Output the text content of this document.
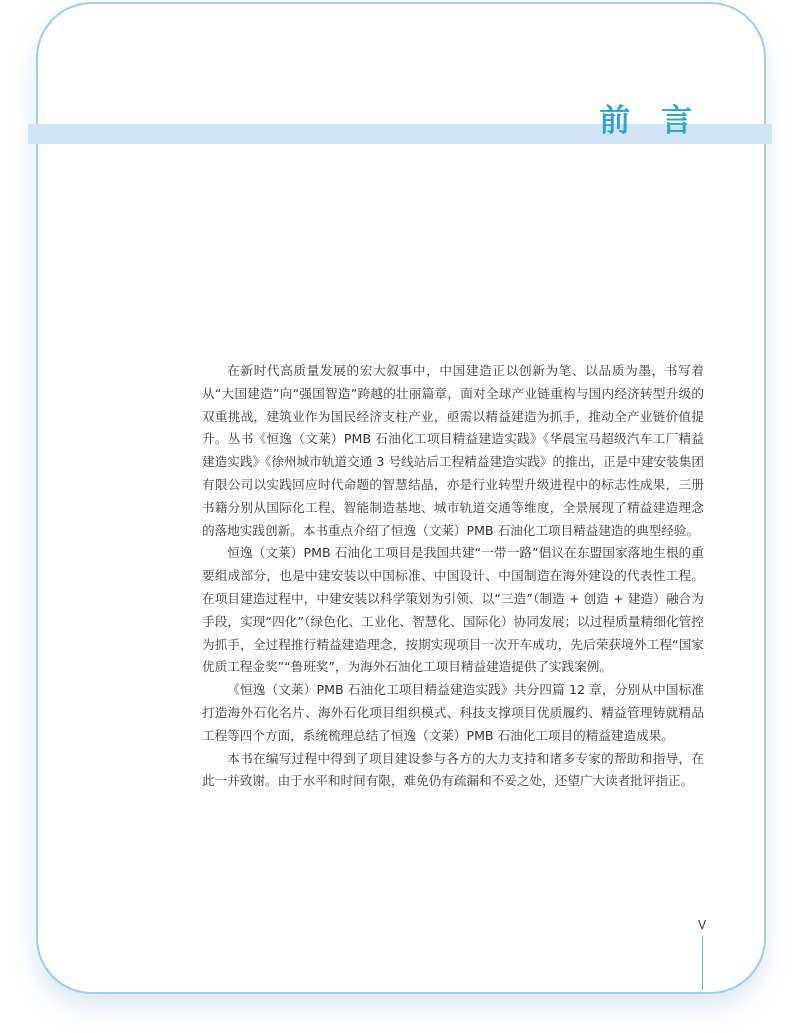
前 言

在新时代高质量发展的宏大叙事中，中国建造正以创新为笔、以品质为墨，书写着从“大国建造”向“强国智造”跨越的壮丽篇章，面对全球产业链重构与国内经济转型升级的双重挑战，建筑业作为国民经济支柱产业，亟需以精益建造为抓手，推动全产业链价值提升。丛书《恒逸（文莱）PMB 石油化工项目精益建造实践》《华晨宝马超级汽车工厂精益建造实践》《徐州城市轨道交通 3 号线站后工程精益建造实践》的推出，正是中建安装集团有限公司以实践回应时代命题的智慧结晶，亦是行业转型升级进程中的标志性成果，三册书籍分别从国际化工程、智能制造基地、城市轨道交通等维度，全景展现了精益建造理念的落地实践创新。本书重点介绍了恒逸（文莱）PMB 石油化工项目精益建造的典型经验。

恒逸（文莱）PMB 石油化工项目是我国共建“一带一路”倡议在东盟国家落地生根的重要组成部分，也是中建安装以中国标准、中国设计、中国制造在海外建设的代表性工程。在项目建造过程中，中建安装以科学策划为引领、以“三造”（制造 + 创造 + 建造）融合为手段，实现“四化”（绿色化、工业化、智慧化、国际化）协同发展；以过程质量精细化管控为抓手，全过程推行精益建造理念，按期实现项目一次开车成功，先后荣获境外工程“国家优质工程金奖”“鲁班奖”，为海外石油化工项目精益建造提供了实践案例。

《恒逸（文莱）PMB 石油化工项目精益建造实践》共分四篇 12 章，分别从中国标准打造海外石化名片、海外石化项目组织模式、科技支撑项目优质履约、精益管理铸就精品工程等四个方面，系统梳理总结了恒逸（文莱）PMB 石油化工项目的精益建造成果。

本书在编写过程中得到了项目建设参与各方的大力支持和诸多专家的帮助和指导，在此一并致谢。由于水平和时间有限，难免仍有疏漏和不妥之处，还望广大读者批评指正。

V
